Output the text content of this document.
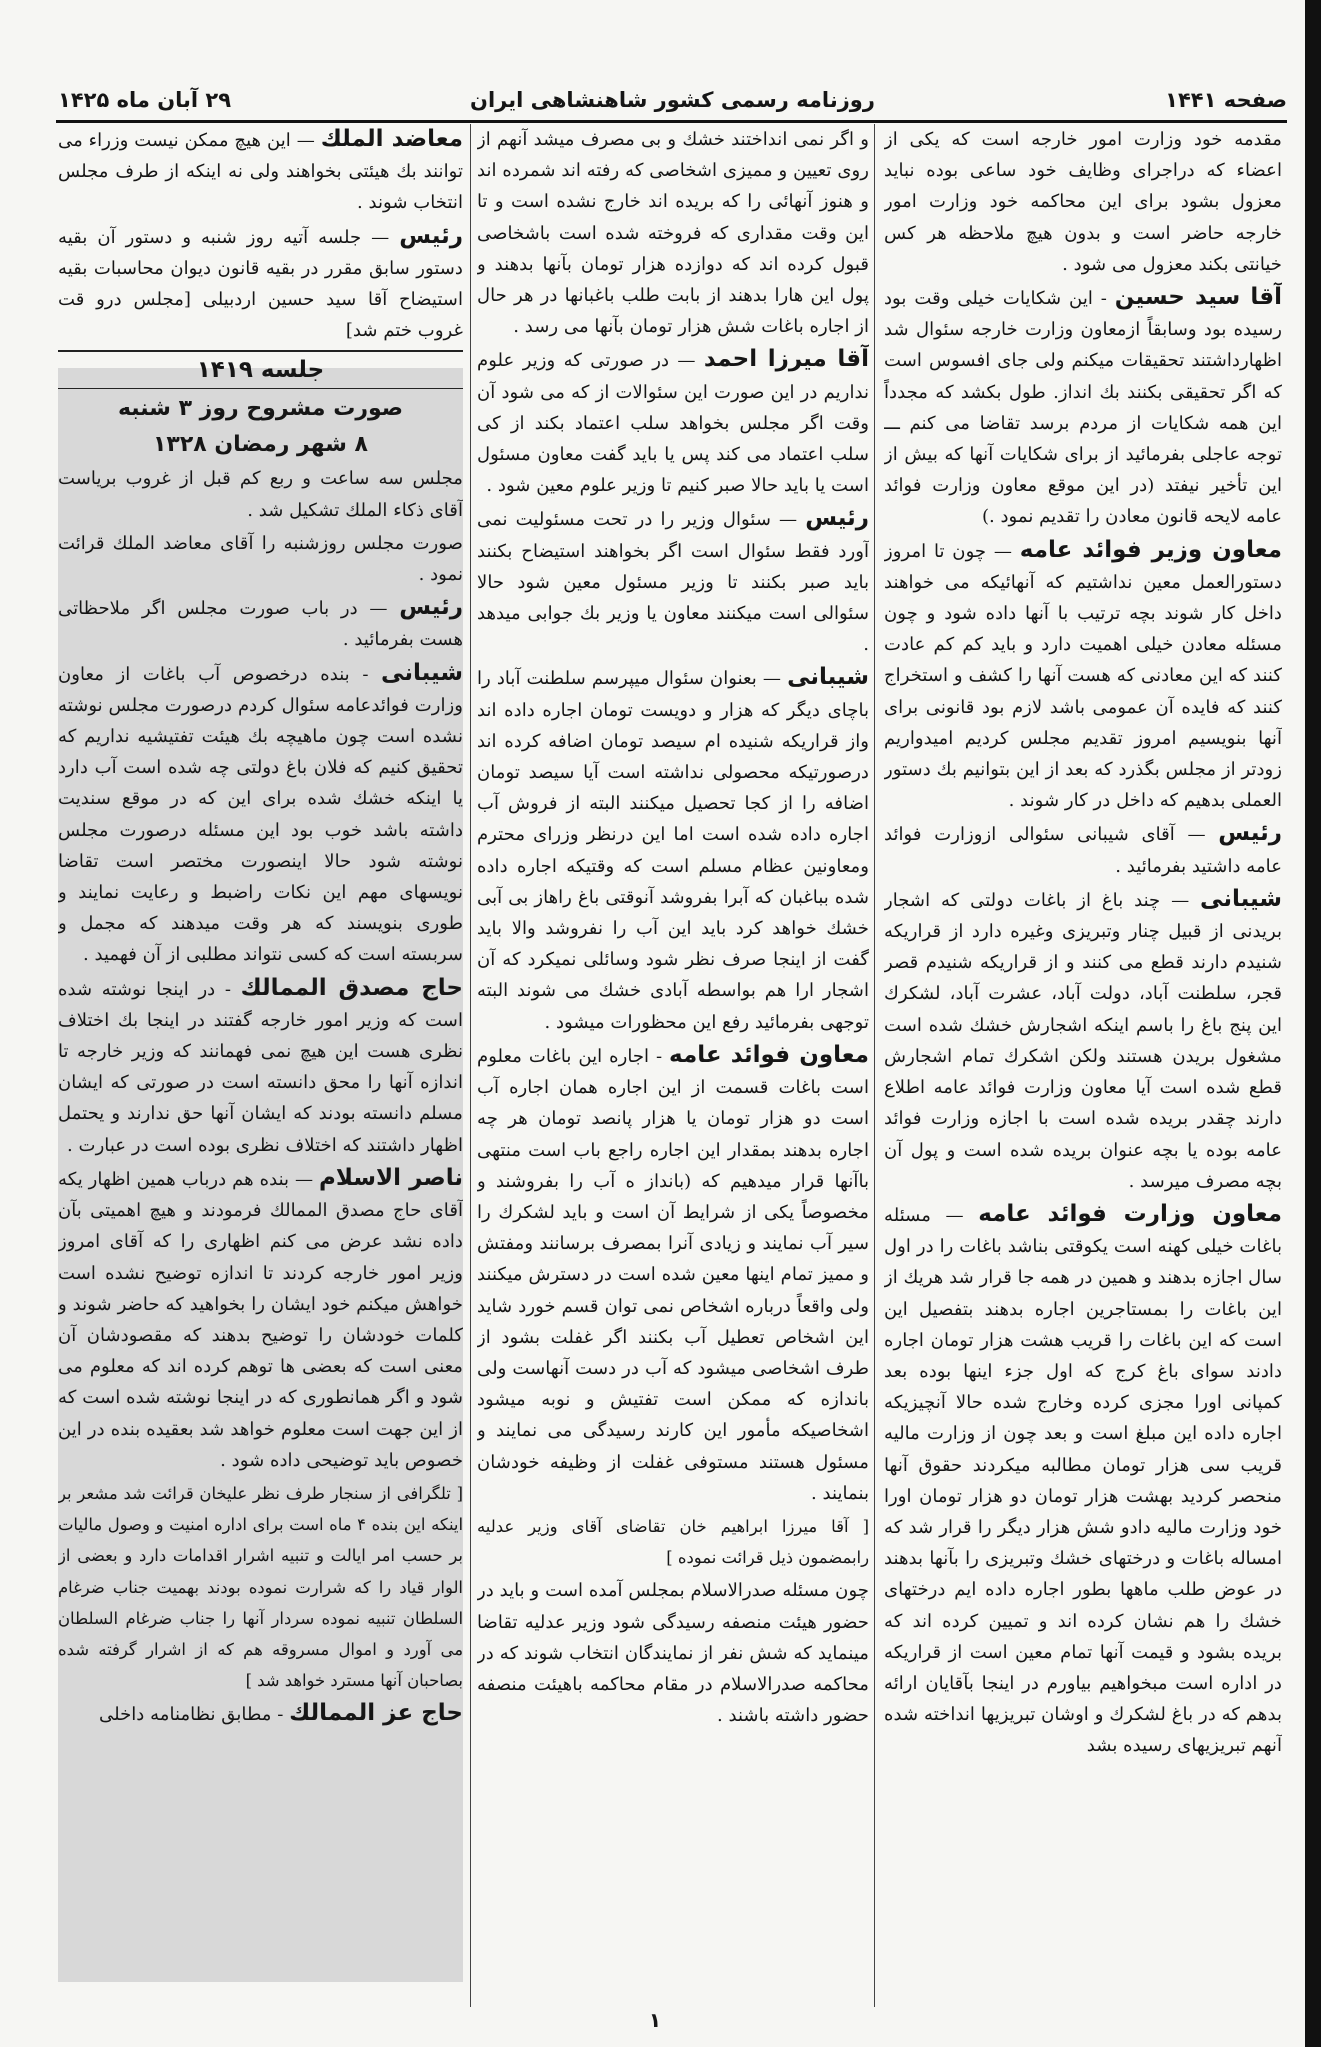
صفحه ۱۴۴۱
روزنامه رسمی کشور شاهنشاهی ایران
۲۹ آبان ماه ۱۴۲۵

مقدمه خود وزارت امور خارجه است که یکی از اعضاء که دراجرای وظایف خود ساعی بوده نباید معزول بشود برای این محاکمه خود وزارت امور خارجه حاضر است و بدون هیچ ملاحظه هر کس خیانتی بکند معزول می شود .

آقا سید حسین - این شکایات خیلی وقت بود رسیده بود وسابقاً ازمعاون وزارت خارجه سئوال شد اظهارداشتند تحقیقات میکنم ولی جای افسوس است که اگر تحقیقی بکنند بك انداز. طول بکشد که مجدداً این همه شکایات از مردم برسد تقاضا می کنم ـــ توجه عاجلی بفرمائید از برای شکایات آنها که بیش از این تأخیر نیفتد (در این موقع معاون وزارت فوائد عامه لایحه قانون معادن را تقدیم نمود .)

معاون وزیر فوائد عامه — چون تا امروز دستورالعمل معین نداشتیم که آنهائیکه می خواهند داخل کار شوند بچه ترتیب با آنها داده شود و چون مسئله معادن خیلی اهمیت دارد و باید کم کم عادت کنند که این معادنی که هست آنها را کشف و استخراج کنند که فایده آن عمومی باشد لازم بود قانونی برای آنها بنویسیم امروز تقدیم مجلس کردیم امیدواریم زودتر از مجلس بگذرد که بعد از این بتوانیم بك دستور العملی بدهیم که داخل در کار شوند .

رئیس — آقای شیبانی سئوالی ازوزارت فوائد عامه داشتید بفرمائید .

شیبانی — چند باغ از باغات دولتی که اشجار بریدنی از قبیل چنار وتبریزی وغیره دارد از قراریکه شنیدم دارند قطع می کنند و از قراریکه شنیدم قصر قجر، سلطنت آباد، دولت آباد، عشرت آباد، لشکرك این پنج باغ را باسم اینکه اشجارش خشك شده است مشغول بریدن هستند ولکن اشکرك تمام اشجارش قطع شده است آیا معاون وزارت فوائد عامه اطلاع دارند چقدر بریده شده است با اجازه وزارت فوائد عامه بوده یا بچه عنوان بریده شده است و پول آن بچه مصرف میرسد .

معاون وزارت فوائد عامه — مسئله باغات خیلی کهنه است یکوقتی بناشد باغات را در اول سال اجازه بدهند و همین در همه جا قرار شد هریك از این باغات را بمستاجرین اجاره بدهند بتفصیل این است که این باغات را قریب هشت هزار تومان اجاره دادند سوای باغ کرج که اول جزء اینها بوده بعد کمپانی اورا مجزی کرده وخارج شده حالا آنچیزیکه اجاره داده این مبلغ است و بعد چون از وزارت مالیه قریب سی هزار تومان مطالبه میکردند حقوق آنها منحصر کردید بهشت هزار تومان دو هزار تومان اورا خود وزارت مالیه دادو شش هزار دیگر را قرار شد که امساله باغات و درختهای خشك وتبریزی را بآنها بدهند در عوض طلب ماهها بطور اجاره داده ایم درختهای خشك را هم نشان کرده اند و تمیین کرده اند که بریده بشود و قیمت آنها تمام معین است از قراریکه در اداره است مبخواهیم بیاورم در اینجا بآقایان ارائه بدهم که در باغ لشکرك و اوشان تبریزیها انداخته شده آنهم تبریزیهای رسیده بشد

و اگر نمی انداختند خشك و بی مصرف میشد آنهم از روی تعیین و ممیزی اشخاصی که رفته اند شمرده اند و هنوز آنهائی را که بریده اند خارج نشده است و تا این وقت مقداری که فروخته شده است باشخاصی قبول کرده اند که دوازده هزار تومان بآنها بدهند و پول این هارا بدهند از بابت طلب باغبانها در هر حال از اجاره باغات شش هزار تومان بآنها می رسد .

آقا میرزا احمد — در صورتی که وزیر علوم نداریم در این صورت این سئوالات از که می شود آن وقت اگر مجلس بخواهد سلب اعتماد بکند از کی سلب اعتماد می کند پس یا باید گفت معاون مسئول است یا باید حالا صبر کنیم تا وزیر علوم معین شود .

رئیس — سئوال وزیر را در تحت مسئولیت نمی آورد فقط سئوال است اگر بخواهند استیضاح بکنند باید صبر بکنند تا وزیر مسئول معین شود حالا سئوالی است میکنند معاون یا وزیر بك جوابی میدهد .

شیبانی — بعنوان سئوال میپرسم سلطنت آباد را باچای دیگر که هزار و دویست تومان اجاره داده اند واز قراریکه شنیده ام سیصد تومان اضافه کرده اند درصورتیکه محصولی نداشته است آیا سیصد تومان اضافه را از کجا تحصیل میکنند البته از فروش آب اجاره داده شده است اما این درنظر وزرای محترم ومعاونین عظام مسلم است که وقتیکه اجاره داده شده بباغبان که آبرا بفروشد آنوقتی باغ راهاز بی آبی خشك خواهد کرد باید این آب را نفروشد والا باید گفت از اینجا صرف نظر شود وسائلی نمیکرد که آن اشجار ارا هم بواسطه آبادی خشك می شوند البته توجهی بفرمائید رفع این محظورات میشود .

معاون فوائد عامه - اجاره این باغات معلوم است باغات قسمت از این اجاره همان اجاره آب است دو هزار تومان یا هزار پانصد تومان هر چه اجاره بدهند بمقدار این اجاره راجع باب است منتهی باآنها قرار میدهیم که (بانداز ه آب را بفروشند و مخصوصاً یکی از شرایط آن است و باید لشکرك را سیر آب نمایند و زیادی آنرا بمصرف برسانند ومفتش و ممیز تمام اینها معین شده است در دسترش میکنند ولی واقعاً درباره اشخاص نمی توان قسم خورد شاید این اشخاص تعطیل آب بکنند اگر غفلت بشود از طرف اشخاصی میشود که آب در دست آنهاست ولی باندازه که ممکن است تفتیش و نوبه میشود اشخاصیکه مأمور این کارند رسیدگی می نمایند و مسئول هستند مستوفی غفلت از وظیفه خودشان بنمایند .

[ آقا میرزا ابراهیم خان تقاضای آقای وزیر عدلیه رابمضمون ذیل قرائت نموده ]

چون مسئله صدرالاسلام بمجلس آمده است و باید در حضور هیئت منصفه رسیدگی شود وزیر عدلیه تقاضا مینماید که شش نفر از نمایندگان انتخاب شوند که در محاکمه صدرالاسلام در مقام محاکمه باهیئت منصفه حضور داشته باشند .

معاضد الملك — این هیچ ممکن نیست وزراء می توانند بك هیئتی بخواهند ولی نه اینکه از طرف مجلس انتخاب شوند .

رئیس — جلسه آتیه روز شنبه و دستور آن بقیه دستور سابق مقرر در بقیه قانون دیوان محاسبات بقیه استیضاح آقا سید حسین اردبیلی [مجلس درو قت غروب ختم شد]

جلسه ۱۴۱۹
صورت مشروح روز ۳ شنبه
۸ شهر رمضان ۱۳۲۸

مجلس سه ساعت و ربع کم قبل از غروب بریاست آقای ذکاء الملك تشکیل شد .

صورت مجلس روزشنبه را آقای معاضد الملك قرائت نمود .

رئیس — در باب صورت مجلس اگر ملاحظاتی هست بفرمائید .

شیبانی - بنده درخصوص آب باغات از معاون وزارت فوائدعامه سئوال کردم درصورت مجلس نوشته نشده است چون ماهیچه بك هیئت تفتیشیه نداریم که تحقیق کنیم که فلان باغ دولتی چه شده است آب دارد یا اینکه خشك شده برای این که در موقع سندیت داشته باشد خوب بود این مسئله درصورت مجلس نوشته شود حالا اینصورت مختصر است تقاضا نویسهای مهم این نکات راضبط و رعایت نمایند و طوری بنویسند که هر وقت میدهند که مجمل و سربسته است که کسی نتواند مطلبی از آن فهمید .

حاج مصدق الممالك - در اینجا نوشته شده است که وزیر امور خارجه گفتند در اینجا بك اختلاف نظری هست این هیچ نمی فهمانند که وزیر خارجه تا اندازه آنها را محق دانسته است در صورتی که ایشان مسلم دانسته بودند که ایشان آنها حق ندارند و یحتمل اظهار داشتند که اختلاف نظری بوده است در عبارت .

ناصر الاسلام — بنده هم درباب همین اظهار یکه آقای حاج مصدق الممالك فرمودند و هیچ اهمیتی بآن داده نشد عرض می کنم اظهاری را که آقای امروز وزیر امور خارجه کردند تا اندازه توضیح نشده است خواهش میکنم خود ایشان را بخواهید که حاضر شوند و کلمات خودشان را توضیح بدهند که مقصودشان آن معنی است که بعضی ها توهم کرده اند که معلوم می شود و اگر همانطوری که در اینجا نوشته شده است که از این جهت است معلوم خواهد شد بعقیده بنده در این خصوص باید توضیحی داده شود .

[ تلگرافی از سنجار طرف نظر علیخان قرائت شد مشعر بر اینکه این بنده ۴ ماه است برای اداره امنیت و وصول مالیات بر حسب امر ایالت و تنبیه اشرار اقدامات دارد و بعضی از الوار قیاد را که شرارت نموده بودند بهمیت جناب ضرغام السلطان تنبیه نموده سردار آنها را جناب ضرغام السلطان می آورد و اموال مسروقه هم که از اشرار گرفته شده بصاحبان آنها مسترد خواهد شد ]

حاج عز الممالك - مطابق نظامنامه داخلی

۱
